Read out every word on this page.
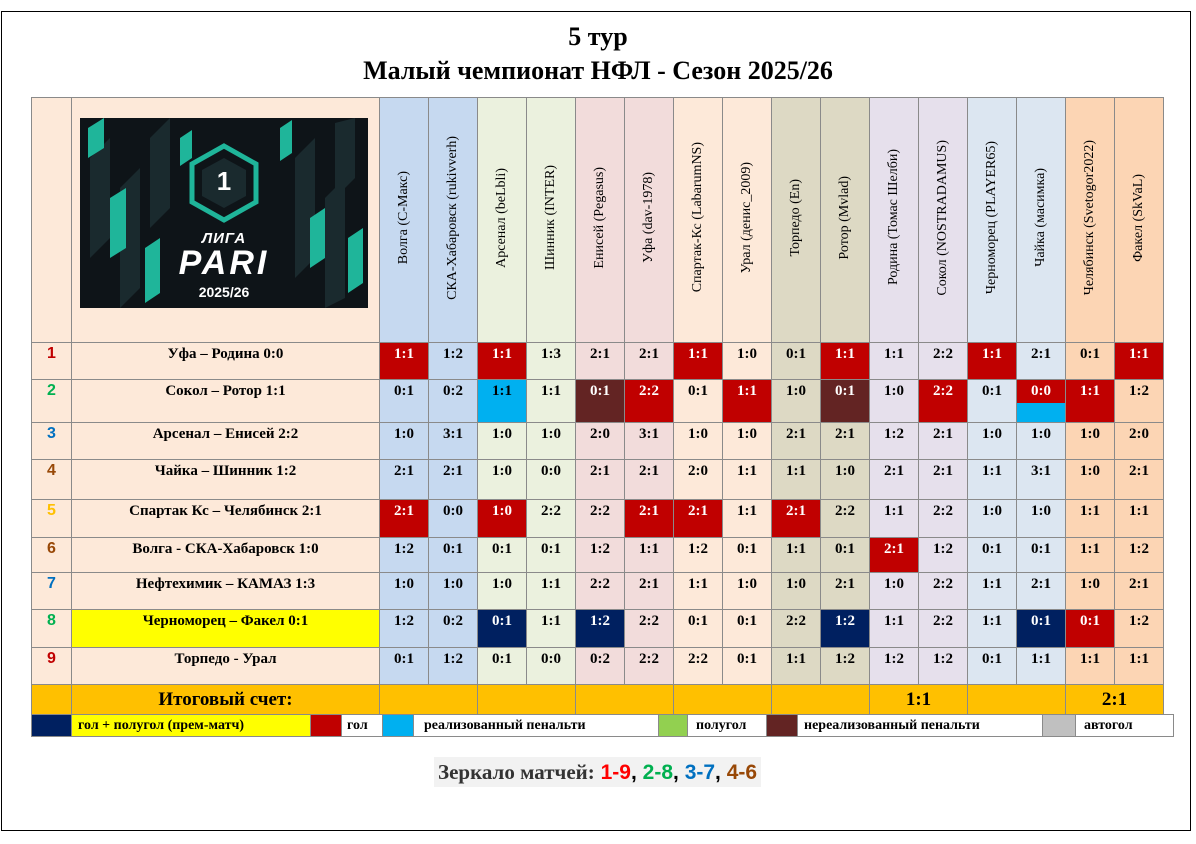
5 тур
Малый чемпионат НФЛ - Сезон 2025/26

	1
ЛИГА
PARI
2025/26	Волга (С-Макс)	СКА-Хабаровск (rukivverh)	Арсенал (beLbli)	Шинник (INTER)	Енисей (Pegasus)	Уфа (dav-1978)	Спартак-Кс (LabarumNS)	Урал (денис_2009)	Торпедо (En)	Ротор (Mvlad)	Родина (Томас Шелби)	Сокол (NOSTRADAMUS)	Черноморец (PLAYER65)	Чайка (масимка)	Челябинск (Svetogor2022)	Факел (SkVaL)
1	Уфа – Родина 0:0	1:1	1:2	1:1	1:3	2:1	2:1	1:1	1:0	0:1	1:1	1:1	2:2	1:1	2:1	0:1	1:1

2	Сокол – Ротор 1:1	0:1	0:2	1:1	1:1	0:1	2:2	0:1	1:1	1:0	0:1	1:0	2:2	0:1	0:0	1:1	1:2

3	Арсенал – Енисей 2:2	1:0	3:1	1:0	1:0	2:0	3:1	1:0	1:0	2:1	2:1	1:2	2:1	1:0	1:0	1:0	2:0

4	Чайка – Шинник 1:2	2:1	2:1	1:0	0:0	2:1	2:1	2:0	1:1	1:1	1:0	2:1	2:1	1:1	3:1	1:0	2:1

5	Спартак Кс – Челябинск 2:1	2:1	0:0	1:0	2:2	2:2	2:1	2:1	1:1	2:1	2:2	1:1	2:2	1:0	1:0	1:1	1:1

6	Волга - СКА-Хабаровск 1:0	1:2	0:1	0:1	0:1	1:2	1:1	1:2	0:1	1:1	0:1	2:1	1:2	0:1	0:1	1:1	1:2

7	Нефтехимик – КАМАЗ 1:3	1:0	1:0	1:0	1:1	2:2	2:1	1:1	1:0	1:0	2:1	1:0	2:2	1:1	2:1	1:0	2:1

8	Черноморец – Факел 0:1	1:2	0:2	0:1	1:1	1:2	2:2	0:1	0:1	2:2	1:2	1:1	2:2	1:1	0:1	0:1	1:2

9	Торпедо - Урал	0:1	1:2	0:1	0:0	0:2	2:2	2:2	0:1	1:1	1:2	1:2	1:2	0:1	1:1	1:1	1:1

	Итоговый счет:											1:1				2:1	
	гол + полугол (прем-матч)		гол		реализованный пенальти		полугол		нереализованный пенальти		автогол
Зеркало матчей: 1-9, 2-8, 3-7, 4-6
